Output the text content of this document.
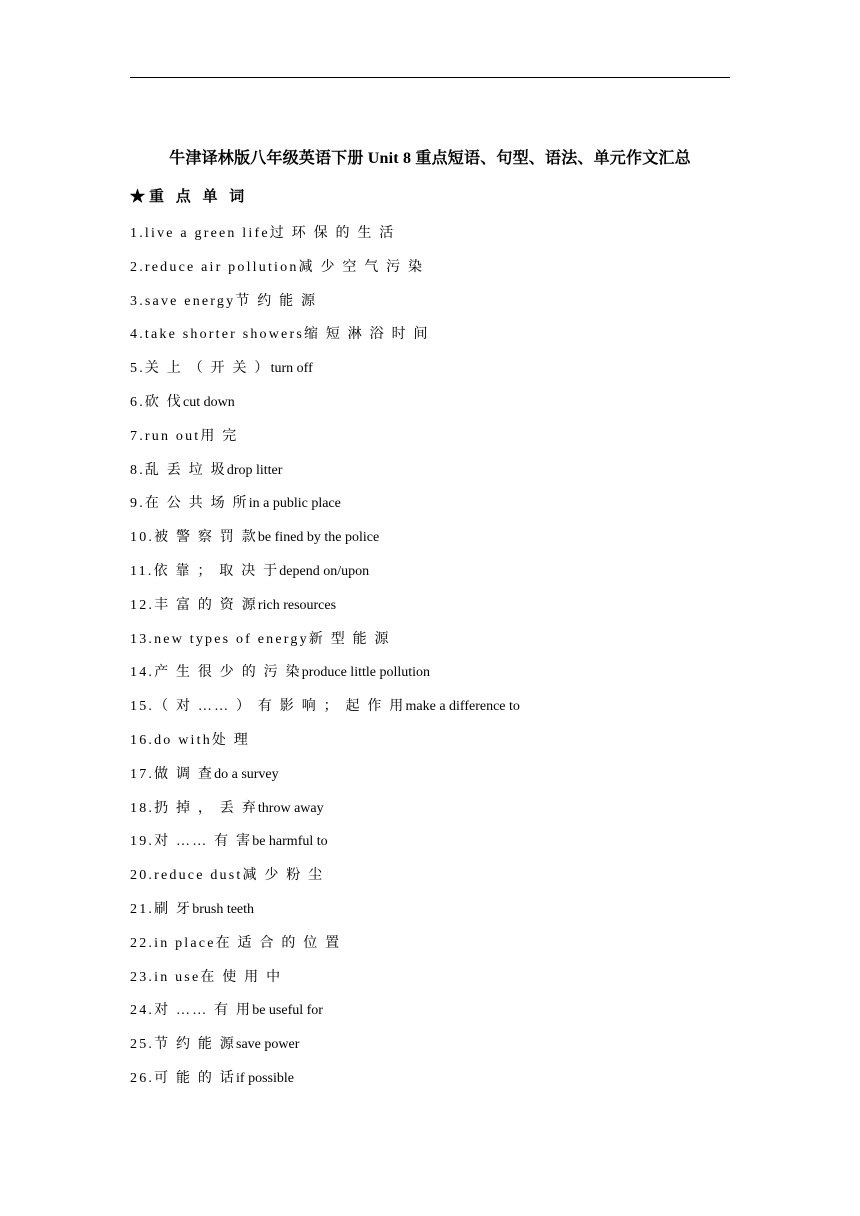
牛津译林版八年级英语下册 Unit 8 重点短语、句型、语法、单元作文汇总
★重 点 单 词
1.live a green life过 环 保 的 生 活
2.reduce air pollution减 少 空 气 污 染
3.save energy节 约 能 源
4.take shorter showers缩 短 淋 浴 时 间
5.关 上 （ 开 关 ）turn off
6.砍 伐cut down
7.run out用 完
8.乱 丢 垃 圾drop litter
9.在 公 共 场 所in a public place
10.被 警 察 罚 款be fined by the police
11.依 靠 ； 取 决 于depend on/upon
12.丰 富 的 资 源rich resources
13.new types of energy新 型 能 源
14.产 生 很 少 的 污 染produce little pollution
15.（ 对 …… ） 有 影 响 ； 起 作 用make a difference to
16.do with处 理
17.做 调 查do a survey
18.扔 掉 ， 丢 弃throw away
19.对 …… 有 害be harmful to
20.reduce dust减 少 粉 尘
21.刷 牙brush teeth
22.in place在 适 合 的 位 置
23.in use在 使 用 中
24.对 …… 有 用be useful for
25.节 约 能 源save power
26.可 能 的 话if possible
